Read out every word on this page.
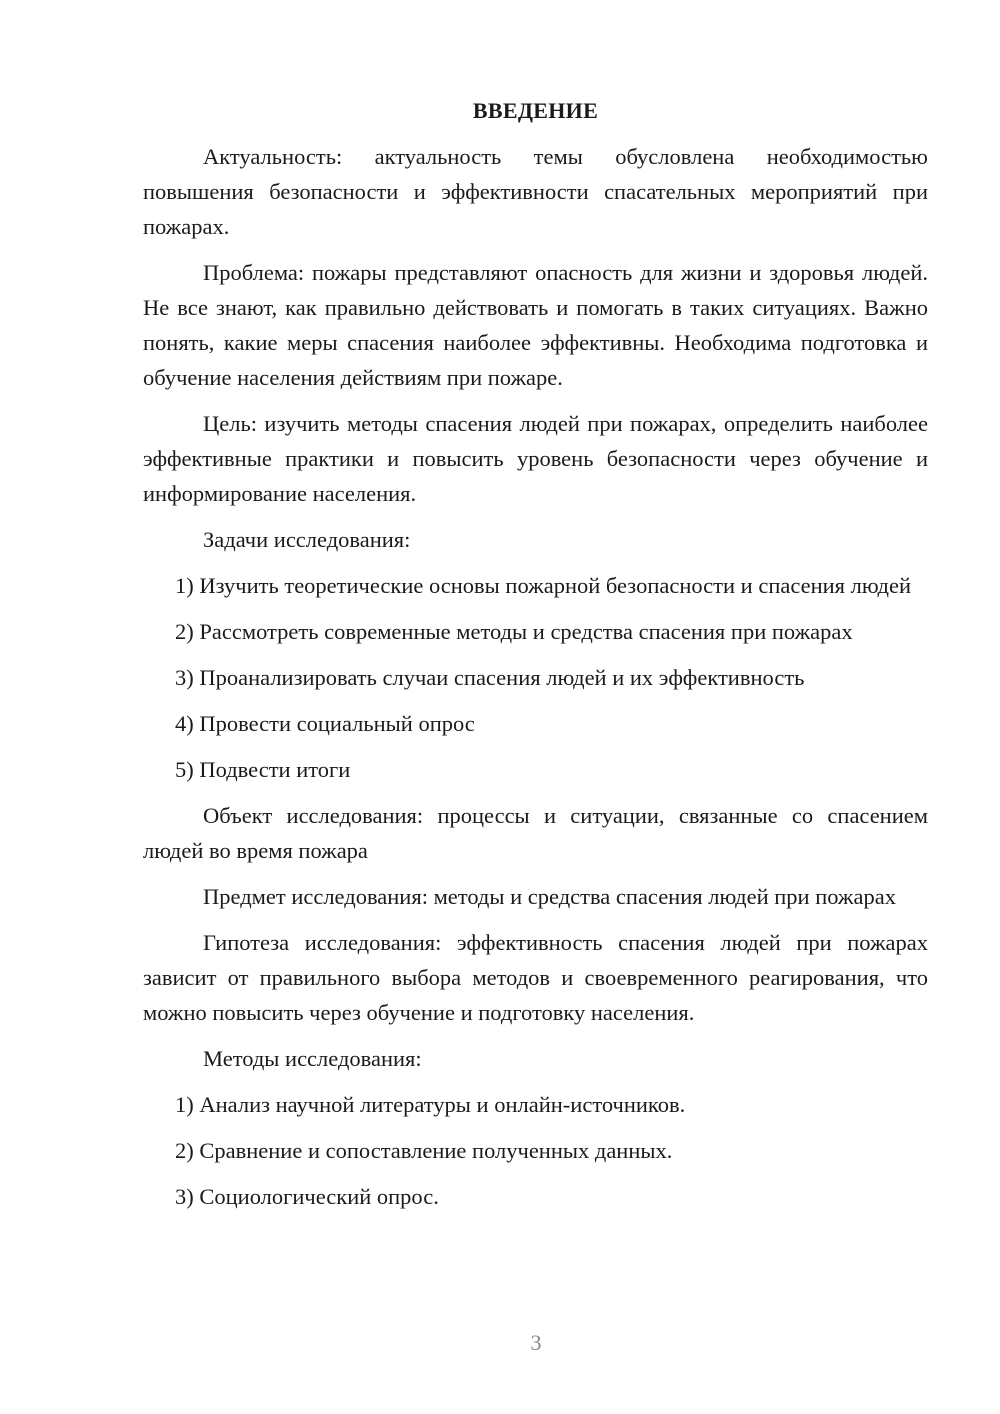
ВВЕДЕНИЕ

Актуальность: актуальность темы обусловлена необходимостью повышения безопасности и эффективности спасательных мероприятий при пожарах.

Проблема: пожары представляют опасность для жизни и здоровья людей. Не все знают, как правильно действовать и помогать в таких ситуациях. Важно понять, какие меры спасения наиболее эффективны. Необходима подготовка и обучение населения действиям при пожаре.

Цель: изучить методы спасения людей при пожарах, определить наиболее эффективные практики и повысить уровень безопасности через обучение и информирование населения.

Задачи исследования:

1) Изучить теоретические основы пожарной безопасности и спасения людей

2) Рассмотреть современные методы и средства спасения при пожарах

3) Проанализировать случаи спасения людей и их эффективность

4) Провести социальный опрос

5) Подвести итоги

Объект исследования: процессы и ситуации, связанные со спасением людей во время пожара

Предмет исследования: методы и средства спасения людей при пожарах

Гипотеза исследования: эффективность спасения людей при пожарах зависит от правильного выбора методов и своевременного реагирования, что можно повысить через обучение и подготовку населения.

Методы исследования:

1) Анализ научной литературы и онлайн-источников.

2) Сравнение и сопоставление полученных данных.

3) Социологический опрос.

3
